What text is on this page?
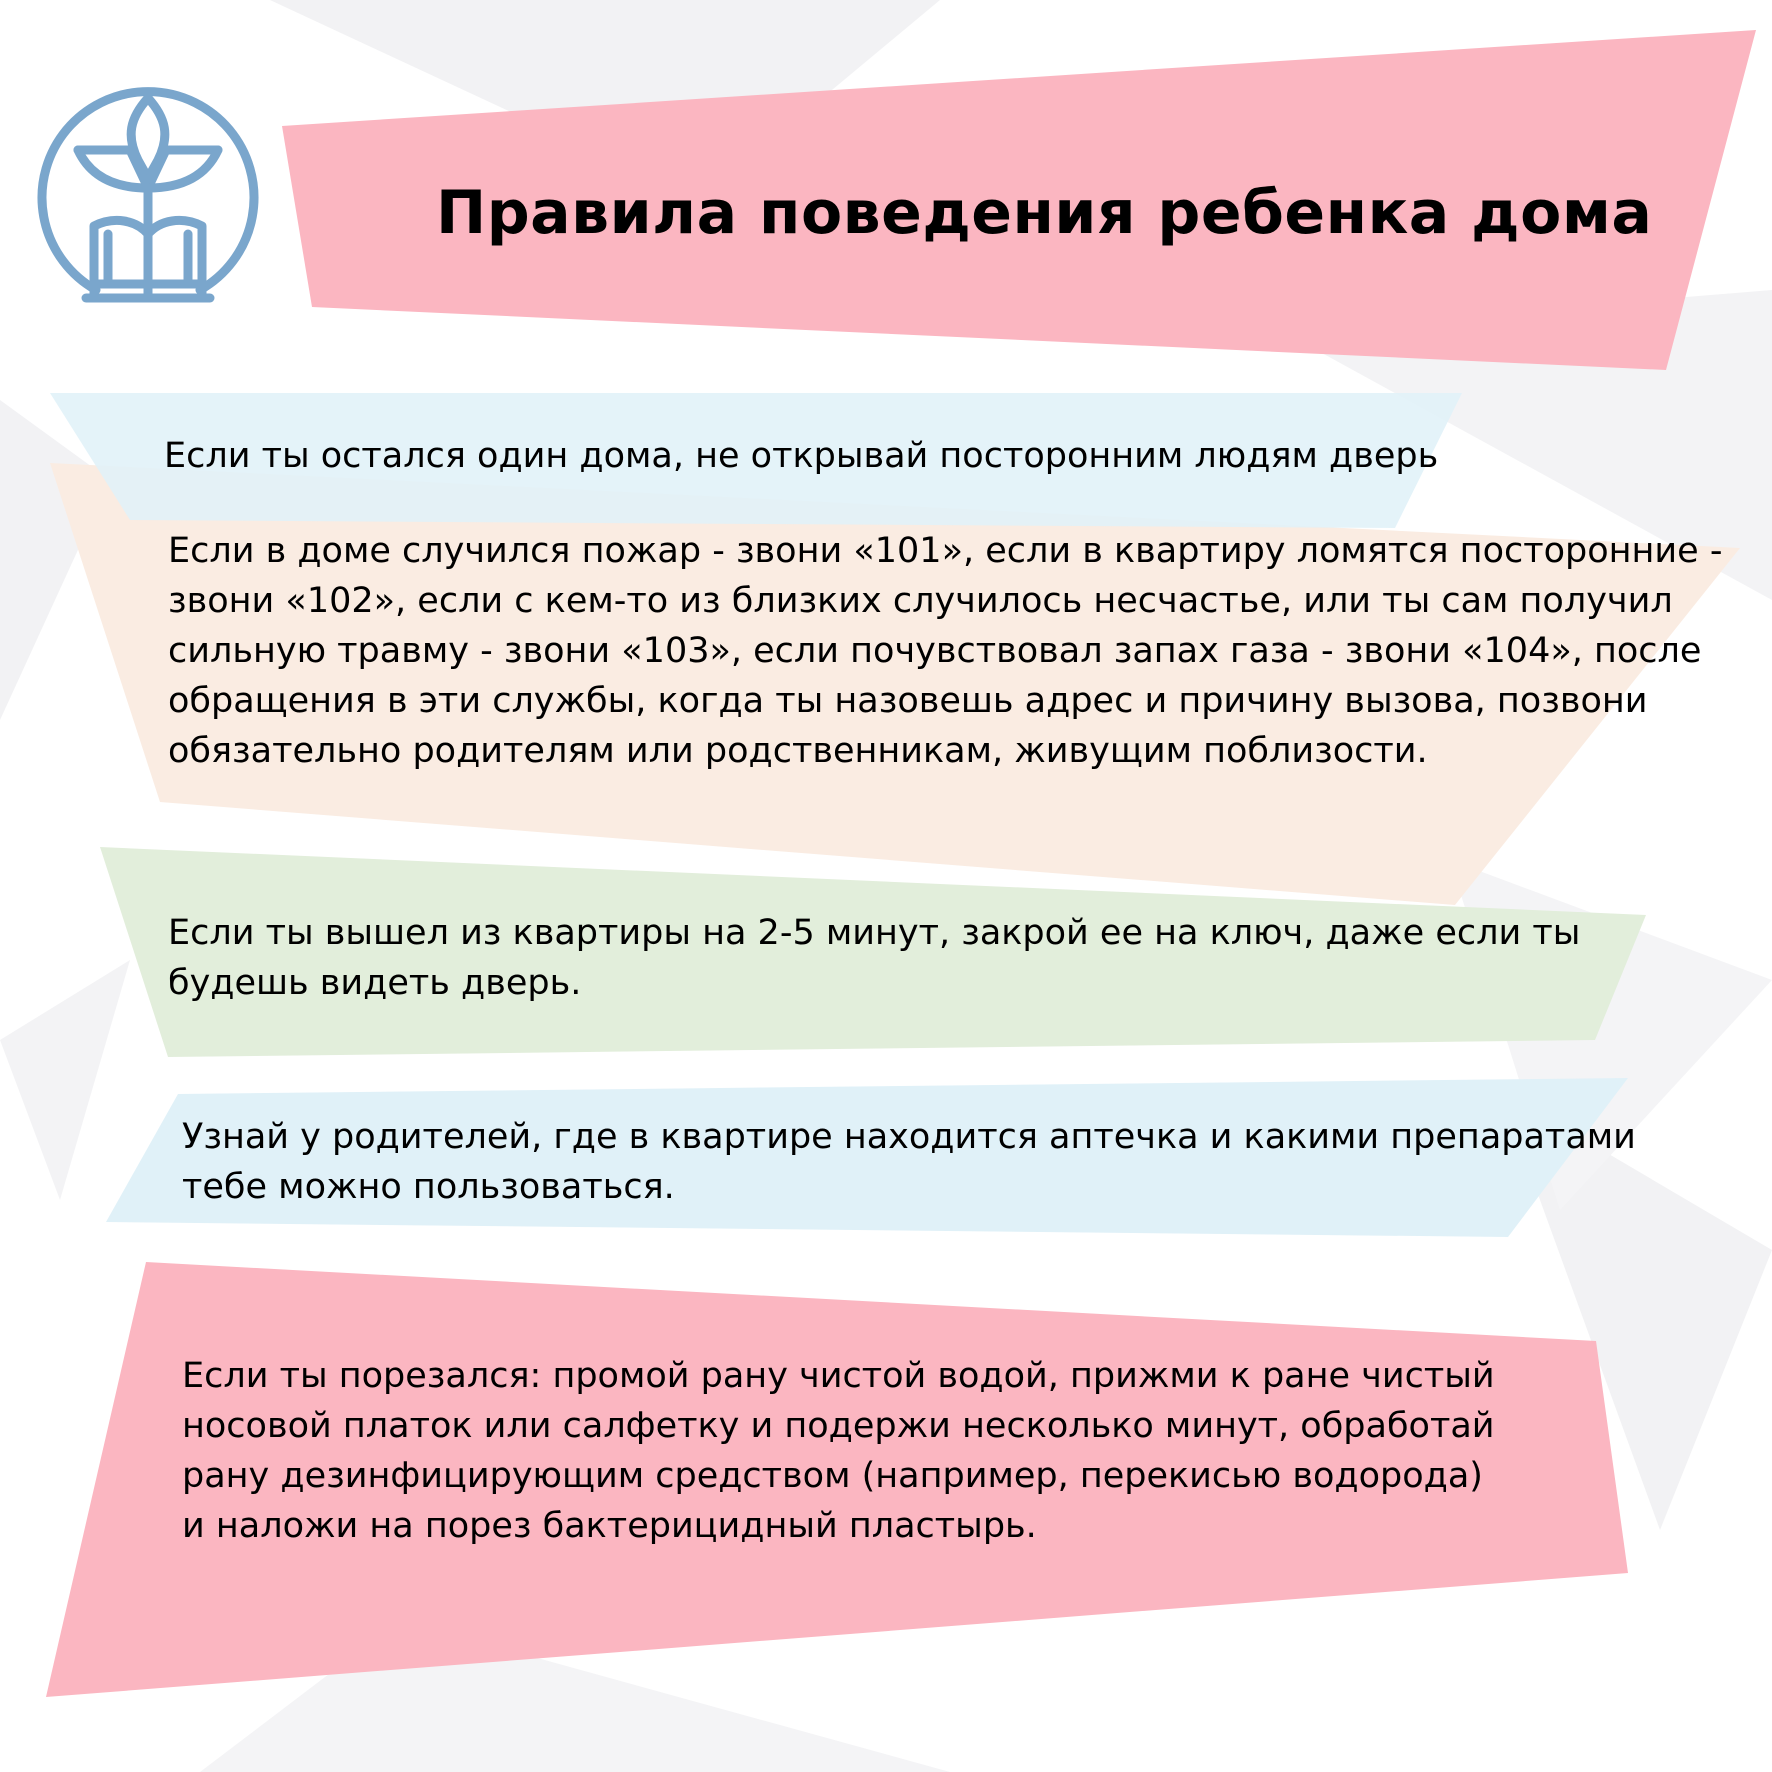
Правила поведения ребенка дома
Если ты остался один дома, не открывай посторонним людям дверь
Если в доме случился пожар - звони «101», если в квартиру ломятся посторонние -
звони «102», если с кем-то из близких случилось несчастье, или ты сам получил
сильную травму - звони «103», если почувствовал запах газа - звони «104», после
обращения в эти службы, когда ты назовешь адрес и причину вызова, позвони
обязательно родителям или родственникам, живущим поблизости.
Если ты вышел из квартиры на 2-5 минут, закрой ее на ключ, даже если ты
будешь видеть дверь.
Узнай у родителей, где в квартире находится аптечка и какими препаратами
тебе можно пользоваться.
Если ты порезался: промой рану чистой водой, прижми к ране чистый
носовой платок или салфетку и подержи несколько минут, обработай
рану дезинфицирующим средством (например, перекисью водорода)
и наложи на порез бактерицидный пластырь.
